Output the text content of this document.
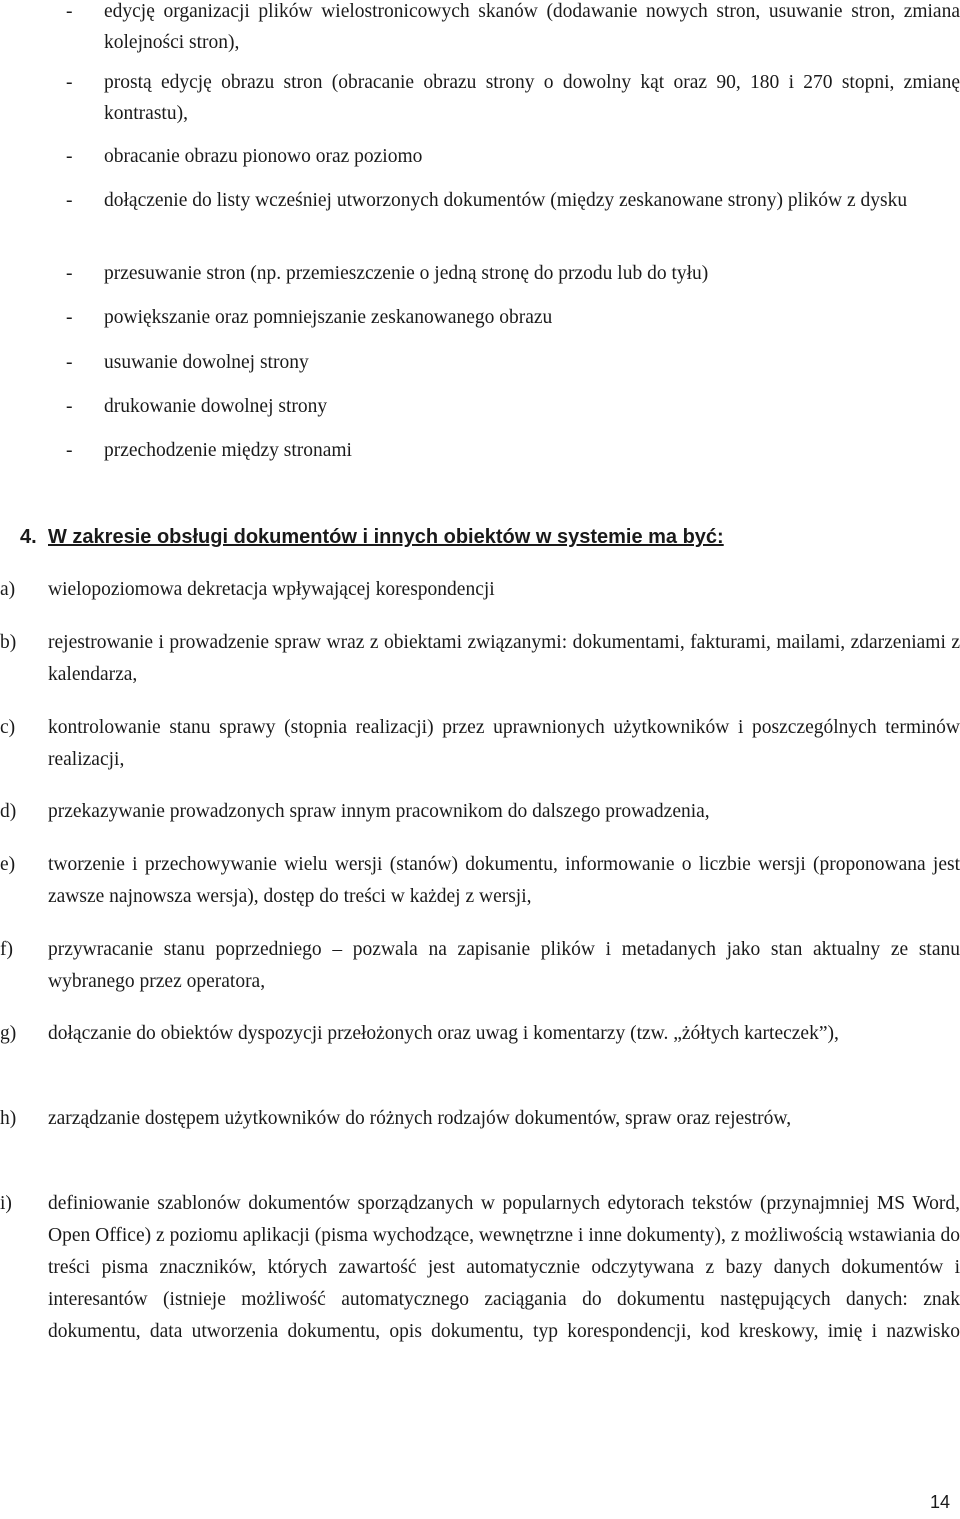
- edycję organizacji plików wielostronicowych skanów (dodawanie nowych stron, usuwanie stron, zmiana kolejności stron),
- prostą edycję obrazu stron (obracanie obrazu strony o dowolny kąt oraz 90, 180 i 270 stopni, zmianę kontrastu),
- obracanie obrazu pionowo oraz poziomo
- dołączenie do listy wcześniej utworzonych dokumentów (między zeskanowane strony) plików z dysku
- przesuwanie stron (np. przemieszczenie o jedną stronę do przodu lub do tyłu)
- powiększanie oraz pomniejszanie zeskanowanego obrazu
- usuwanie dowolnej strony
- drukowanie dowolnej strony
- przechodzenie między stronami
4. W zakresie obsługi dokumentów i innych obiektów w systemie ma być:
a) wielopoziomowa dekretacja wpływającej korespondencji
b) rejestrowanie i prowadzenie spraw wraz z obiektami związanymi: dokumentami, fakturami, mailami, zdarzeniami z kalendarza,
c) kontrolowanie stanu sprawy (stopnia realizacji) przez uprawnionych użytkowników i poszczególnych terminów realizacji,
d) przekazywanie prowadzonych spraw innym pracownikom do dalszego prowadzenia,
e) tworzenie i przechowywanie wielu wersji (stanów) dokumentu, informowanie o liczbie wersji (proponowana jest zawsze najnowsza wersja), dostęp do treści w każdej z wersji,
f) przywracanie stanu poprzedniego – pozwala na zapisanie plików i metadanych jako stan aktualny ze stanu wybranego przez operatora,
g) dołączanie do obiektów dyspozycji przełożonych oraz uwag i komentarzy (tzw. „żółtych karteczek”),
h) zarządzanie dostępem użytkowników do różnych rodzajów dokumentów, spraw oraz rejestrów,
i) definiowanie szablonów dokumentów sporządzanych w popularnych edytorach tekstów (przynajmniej MS Word, Open Office) z poziomu aplikacji (pisma wychodzące, wewnętrzne i inne dokumenty), z możliwością wstawiania do treści pisma znaczników, których zawartość jest automatycznie odczytywana z bazy danych dokumentów i interesantów (istnieje możliwość automatycznego zaciągania do dokumentu następujących danych: znak dokumentu, data utworzenia dokumentu, opis dokumentu, typ korespondencji, kod kreskowy, imię i nazwisko
14
